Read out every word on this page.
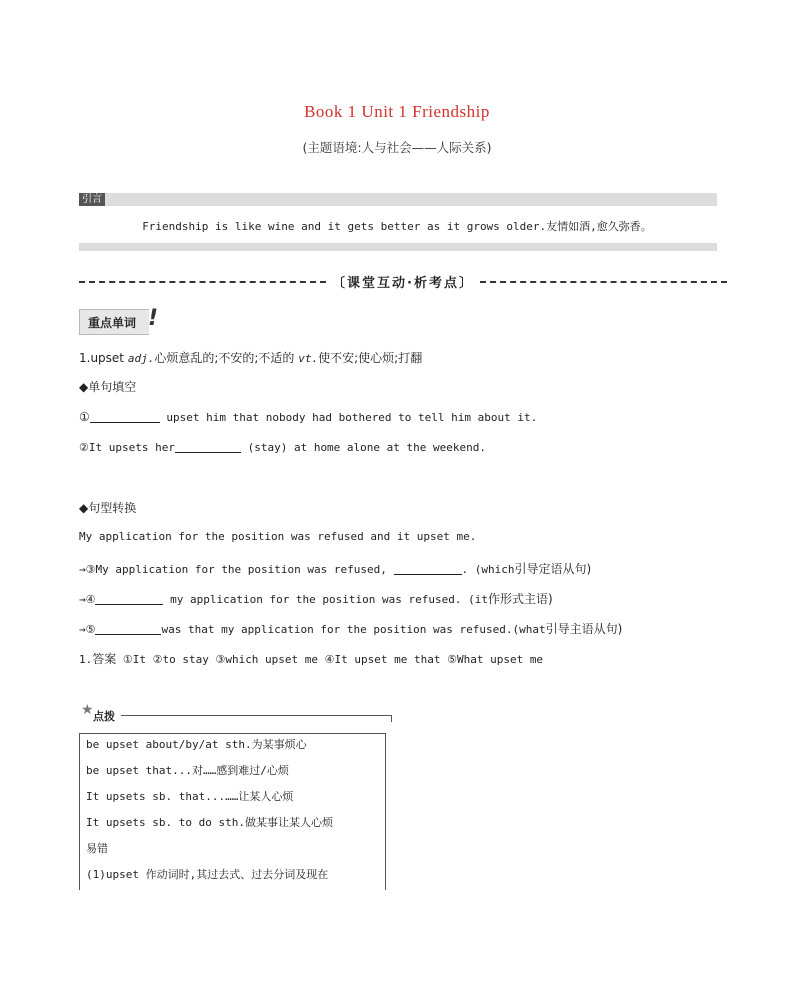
Book 1 Unit 1 Friendship
(主题语境:人与社会——人际关系)
引言
Friendship is like wine and it gets better as it grows older.友情如酒,愈久弥香。
〔课堂互动·析考点〕
重点单词 !
1.upset adj.心烦意乱的;不安的;不适的 vt.使不安;使心烦;打翻
◆单句填空
①	upset him that nobody had bothered to tell him about it.
②It upsets her	(stay) at home alone at the weekend.
◆句型转换
My application for the position was refused and it upset me.
→③My application for the position was refused,	. (which引导定语从句)
→④	my application for the position was refused. (it作形式主语)
→⑤	was that my application for the position was refused.(what引导主语从句)
1.答案 ①It ②to stay ③which upset me ④It upset me that ⑤What upset me
★ 点拨
be upset about/by/at sth.为某事烦心
be upset that...对……感到难过/心烦
It upsets sb. that...……让某人心烦
It upsets sb. to do sth.做某事让某人心烦
易错
(1)upset 作动词时,其过去式、过去分词及现在
